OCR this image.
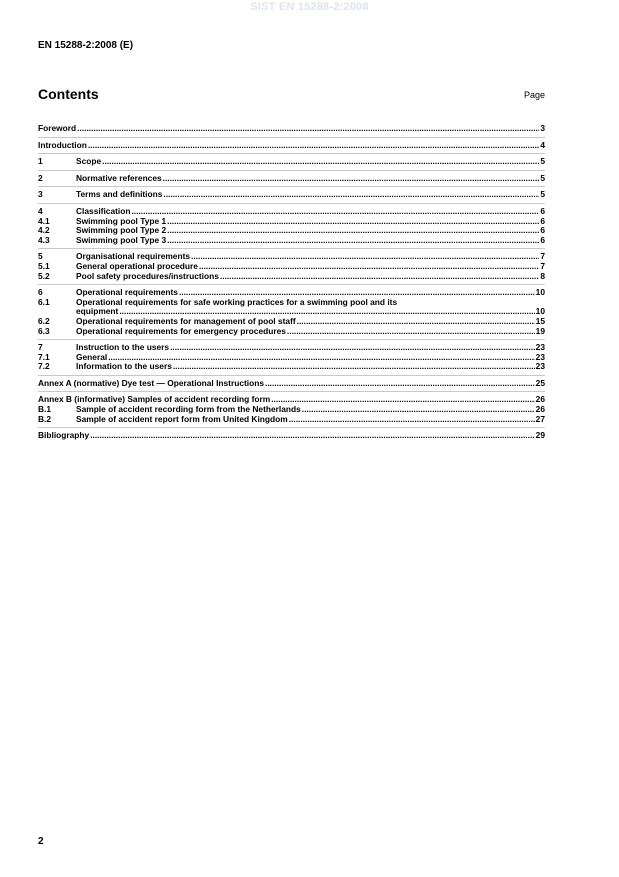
SIST EN 15288-2:2008
EN 15288-2:2008 (E)
Contents	Page
Foreword .....	3
Introduction .....	4
1	Scope .....	5
2	Normative references .....	5
3	Terms and definitions .....	5
4	Classification .....	6
4.1	Swimming pool Type 1 .....	6
4.2	Swimming pool Type 2 .....	6
4.3	Swimming pool Type 3 .....	6
5	Organisational requirements .....	7
5.1	General operational procedure .....	7
5.2	Pool safety procedures/instructions .....	8
6	Operational requirements .....	10
6.1	Operational requirements for safe working practices for a swimming pool and its
equipment .....	10
6.2	Operational requirements for management of pool staff .....	15
6.3	Operational requirements for emergency procedures .....	19
7	Instruction to the users .....	23
7.1	General .....	23
7.2	Information to the users .....	23
Annex A (normative) Dye test — Operational Instructions .....	25
Annex B (informative) Samples of accident recording form .....	26
B.1	Sample of accident recording form from the Netherlands .....	26
B.2	Sample of accident report form from United Kingdom .....	27
Bibliography .....	29
2
